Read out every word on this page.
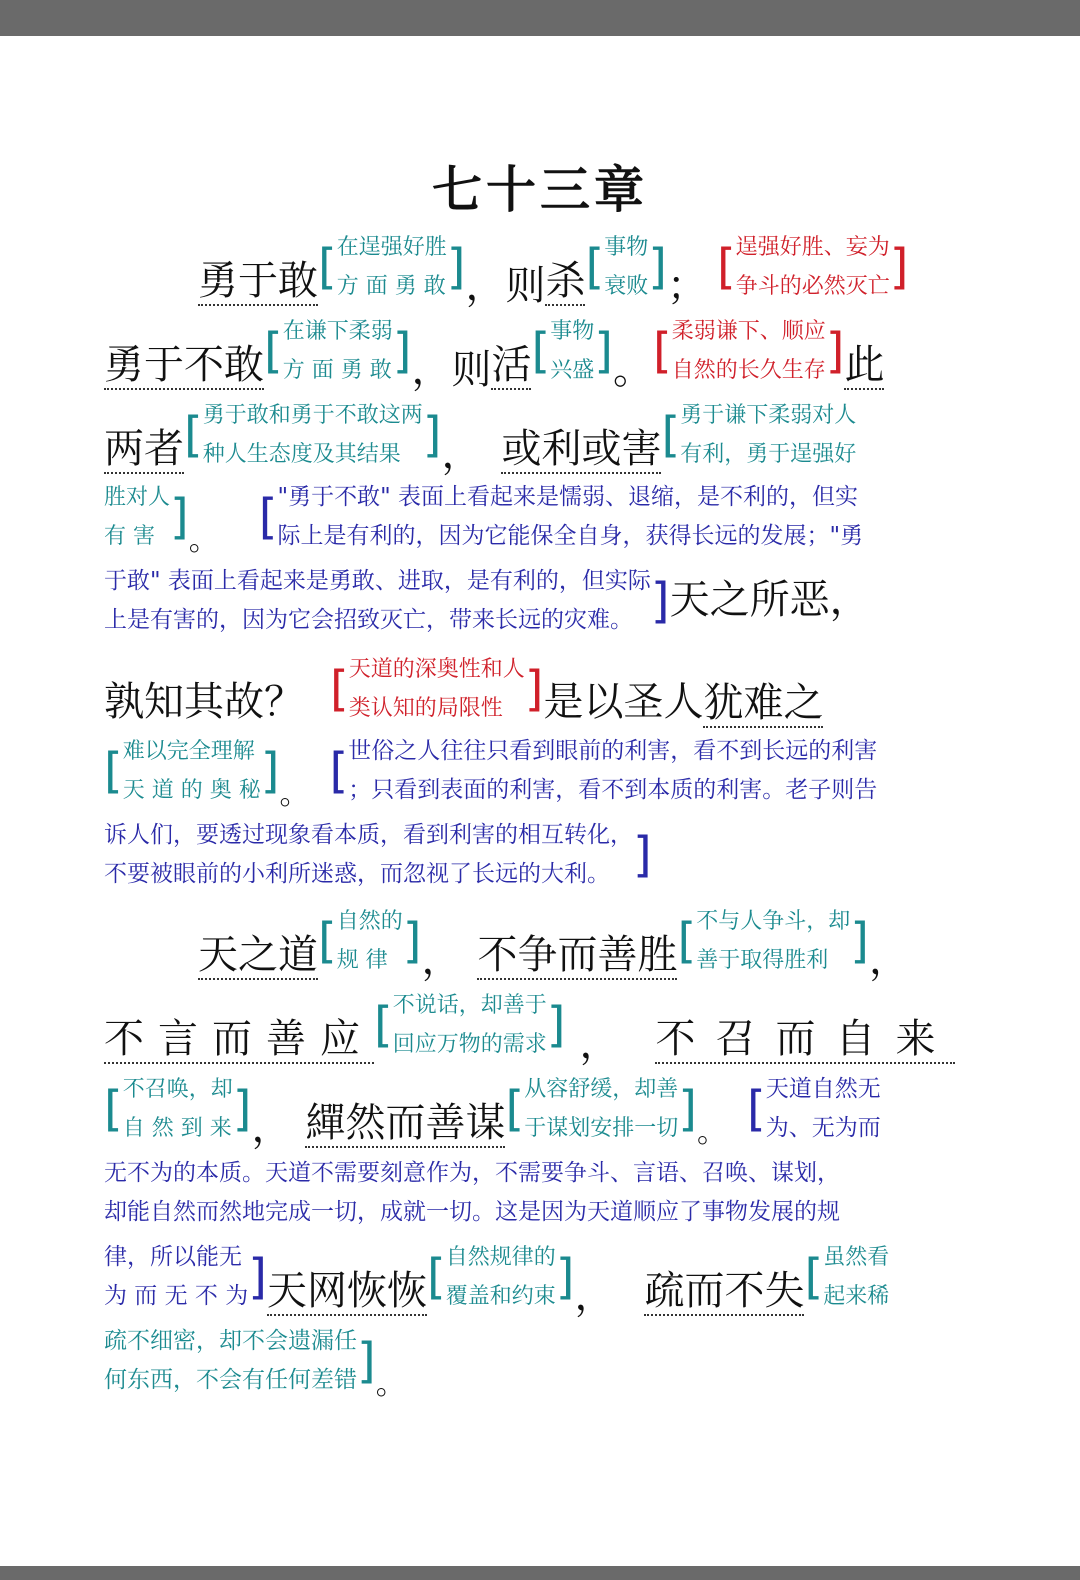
七十三章
勇于敢 [ 在逞强好胜
方 面 勇 敢 ] ，则 杀 [ 事物
衰败 ] ； [ 逞强好胜、妄为
争斗的必然灭亡 ]
勇于不敢 [ 在谦下柔弱
方 面 勇 敢 ] ，则 活 [ 事物
兴盛 ] 。 [ 柔弱谦下、顺应
自然的长久生存 ] 此
两者 [ 勇于敢和勇于不敢这两
种人生态度及其结果 ] ， 或利或害 [ 勇于谦下柔弱对人
有利，勇于逞强好
胜对人
有 害 ] 。 [ "勇于不敢" 表面上看起来是懦弱、退缩，是不利的，但实
际上是有利的，因为它能保全自身，获得长远的发展；"勇
于敢" 表面上看起来是勇敢、进取，是有利的，但实际
上是有害的，因为它会招致灭亡，带来长远的灾难。 ] 天之所恶，
孰知其故？ [ 天道的深奥性和人
类认知的局限性 ] 是以圣人 犹难之
[ 难以完全理解
天 道 的 奥 秘 ] 。 [ 世俗之人往往只看到眼前的利害，看不到长远的利害
；只看到表面的利害，看不到本质的利害。老子则告
诉人们，要透过现象看本质，看到利害的相互转化，
不要被眼前的小利所迷惑，而忽视了长远的大利。 ]
天之道 [ 自然的
规 律 ] ， 不争而善胜 [ 不与人争斗，却
善于取得胜利 ] ，
不言而善应 [ 不说话，却善于
回应万物的需求 ] ， 不召而自来
[ 不召唤，却
自 然 到 来 ] ， 繟然而善谋 [ 从容舒缓，却善
于谋划安排一切 ] 。 [ 天道自然无
为、无为而
无不为的本质。天道不需要刻意作为，不需要争斗、言语、召唤、谋划，
却能自然而然地完成一切，成就一切。这是因为天道顺应了事物发展的规
律，所以能无
为 而 无 不 为 ] 天网恢恢 [ 自然规律的
覆盖和约束 ] ， 疏而不失 [ 虽然看
起来稀
疏不细密，却不会遗漏任
何东西，不会有任何差错 ] 。
